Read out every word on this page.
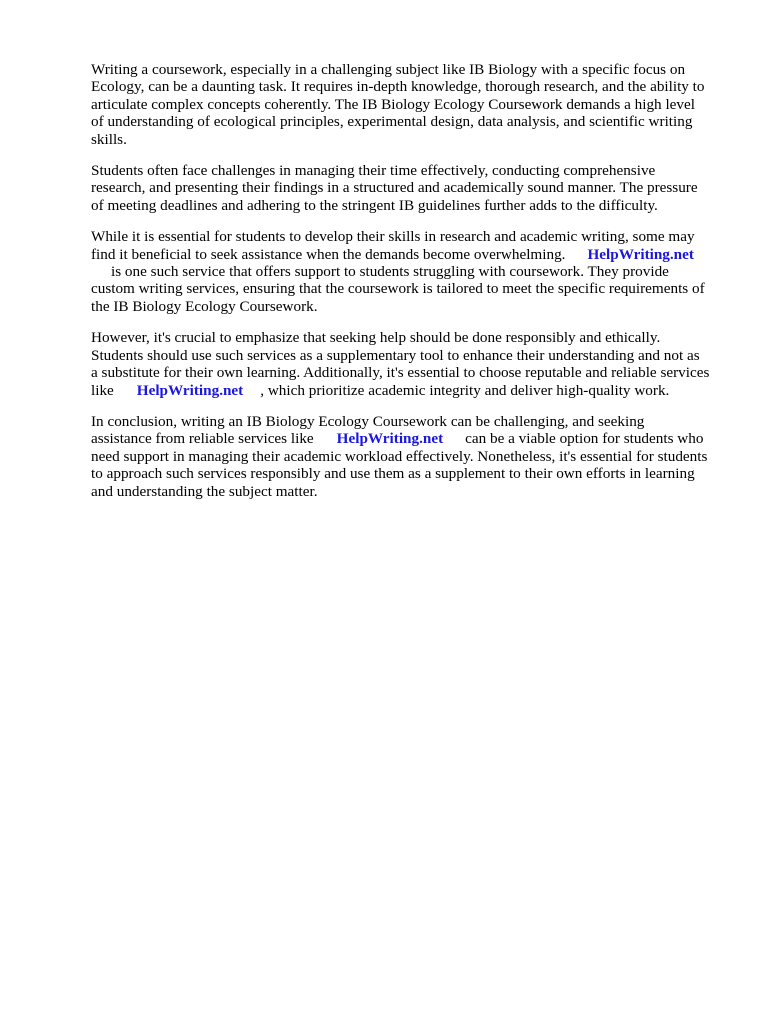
Writing a coursework, especially in a challenging subject like IB Biology with a specific focus on
Ecology, can be a daunting task. It requires in-depth knowledge, thorough research, and the ability to
articulate complex concepts coherently. The IB Biology Ecology Coursework demands a high level
of understanding of ecological principles, experimental design, data analysis, and scientific writing
skills.

Students often face challenges in managing their time effectively, conducting comprehensive
research, and presenting their findings in a structured and academically sound manner. The pressure
of meeting deadlines and adhering to the stringent IB guidelines further adds to the difficulty.

While it is essential for students to develop their skills in research and academic writing, some may
find it beneficial to seek assistance when the demands become overwhelming. HelpWriting.net
is one such service that offers support to students struggling with coursework. They provide
custom writing services, ensuring that the coursework is tailored to meet the specific requirements of
the IB Biology Ecology Coursework.

However, it's crucial to emphasize that seeking help should be done responsibly and ethically.
Students should use such services as a supplementary tool to enhance their understanding and not as
a substitute for their own learning. Additionally, it's essential to choose reputable and reliable services
like HelpWriting.net , which prioritize academic integrity and deliver high-quality work.

In conclusion, writing an IB Biology Ecology Coursework can be challenging, and seeking
assistance from reliable services like HelpWriting.net can be a viable option for students who
need support in managing their academic workload effectively. Nonetheless, it's essential for students
to approach such services responsibly and use them as a supplement to their own efforts in learning
and understanding the subject matter.
